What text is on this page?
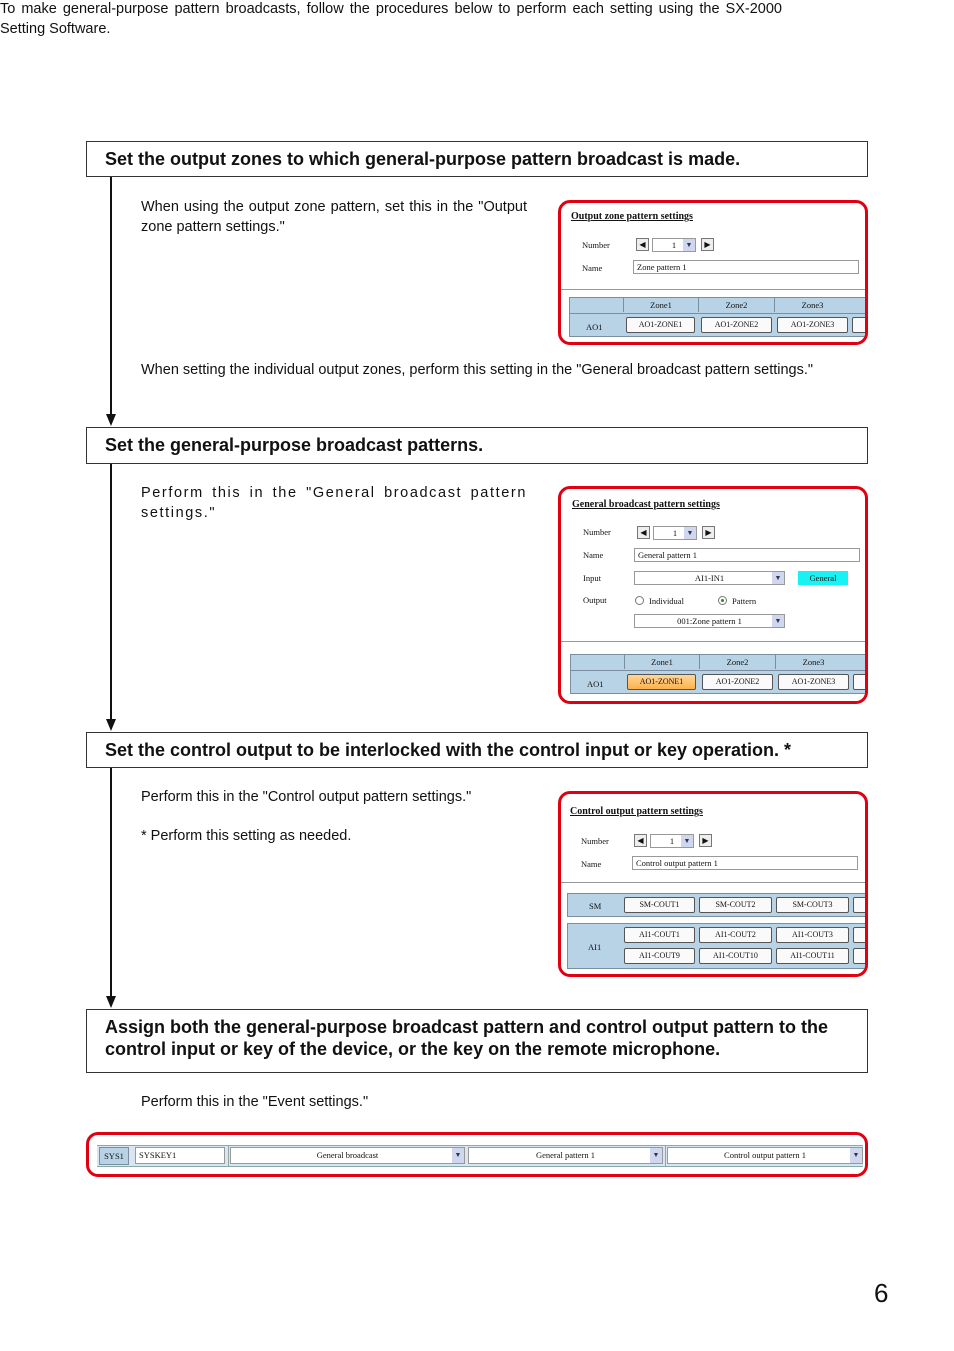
To make general-purpose pattern broadcasts, follow the procedures below to perform each setting using the SX-2000 Setting Software.
Set the output zones to which general-purpose pattern broadcast is made.
When using the output zone pattern, set this in the "Output zone pattern settings."
Output zone pattern settings
Number	◀	1	▼	▶
Name	Zone pattern 1
Zone1	Zone2	Zone3
AO1	AO1-ZONE1	AO1-ZONE2	AO1-ZONE3
When setting the individual output zones, perform this setting in the "General broadcast pattern settings."
Set the general-purpose broadcast patterns.
Perform this in the "General broadcast pattern settings."	General broadcast pattern settings
Number	◀	1	▼	▶
Name	General pattern 1
Input	AI1-IN1	▼	General
Output	Individual	Pattern
001:Zone pattern 1	▼
Zone1	Zone2	Zone3
AO1	AO1-ZONE1	AO1-ZONE2	AO1-ZONE3
Set the control output to be interlocked with the control input or key operation. *
Perform this in the "Control output pattern settings."
* Perform this setting as needed.
Control output pattern settings
Number	◀	1	▼	▶
Name	Control output pattern 1
SM	SM-COUT1	SM-COUT2	SM-COUT3
AI1
AI1-COUT1	AI1-COUT2	AI1-COUT3
AI1-COUT9	AI1-COUT10	AI1-COUT11
Assign both the general-purpose broadcast pattern and control output pattern to the control input or key of the device, or the key on the remote microphone.
Perform this in the "Event settings."
SYS1	SYSKEY1	General broadcast	▼	General pattern 1	▼	Control output pattern 1	▼
6
